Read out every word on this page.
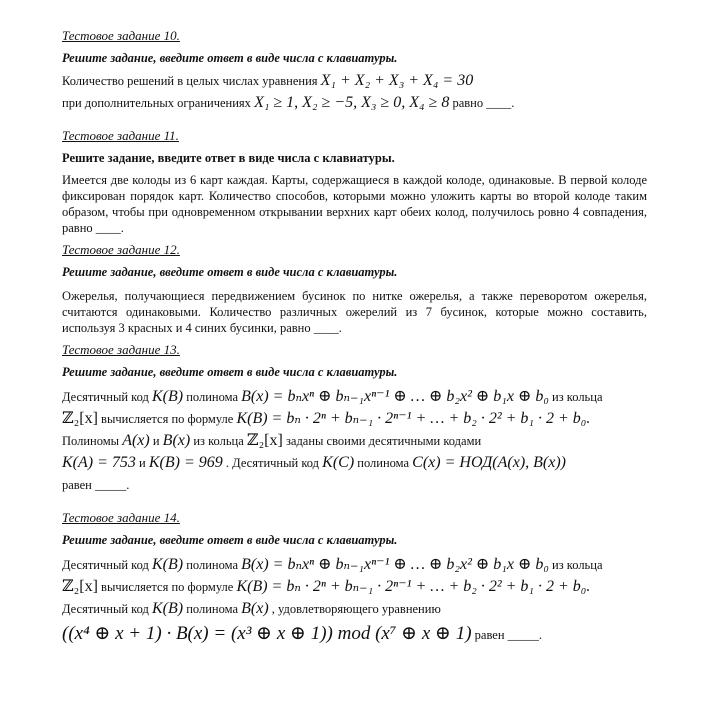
Тестовое задание 10.
Решите задание, введите ответ в виде числа с клавиатуры.
Количество решений в целых числах уравнения X₁ + X₂ + X₃ + X₄ = 30
при дополнительных ограничениях X₁ ≥ 1, X₂ ≥ −5, X₃ ≥ 0, X₄ ≥ 8 равно ____.
Тестовое задание 11.
Решите задание, введите ответ в виде числа с клавиатуры.
Имеется две колоды из 6 карт каждая. Карты, содержащиеся в каждой колоде, одинаковые. В первой колоде фиксирован порядок карт. Количество способов, которыми можно уложить карты во второй колоде таким образом, чтобы при одновременном открывании верхних карт обеих колод, получилось ровно 4 совпадения, равно ____.
Тестовое задание 12.
Решите задание, введите ответ в виде числа с клавиатуры.
Ожерелья, получающиеся передвижением бусинок по нитке ожерелья, а также переворотом ожерелья, считаются одинаковыми. Количество различных ожерелий из 7 бусинок, которые можно составить, используя 3 красных и 4 синих бусинки, равно ____.
Тестовое задание 13.
Решите задание, введите ответ в виде числа с клавиатуры.
Десятичный код K(B) полинома B(x) = bₙxⁿ ⊕ bₙ₋₁xⁿ⁻¹ ⊕ … ⊕ b₂x² ⊕ b₁x ⊕ b₀ из кольца
ℤ₂[x] вычисляется по формуле K(B) = bₙ · 2ⁿ + bₙ₋₁ · 2ⁿ⁻¹ + … + b₂ · 2² + b₁ · 2 + b₀.
Полиномы A(x) и B(x) из кольца ℤ₂[x] заданы своими десятичными кодами
K(A) = 753 и K(B) = 969 . Десятичный код K(C) полинома C(x) = НОД(A(x), B(x))
равен _____.
Тестовое задание 14.
Решите задание, введите ответ в виде числа с клавиатуры.
Десятичный код K(B) полинома B(x) = bₙxⁿ ⊕ bₙ₋₁xⁿ⁻¹ ⊕ … ⊕ b₂x² ⊕ b₁x ⊕ b₀ из кольца
ℤ₂[x] вычисляется по формуле K(B) = bₙ · 2ⁿ + bₙ₋₁ · 2ⁿ⁻¹ + … + b₂ · 2² + b₁ · 2 + b₀.
Десятичный код K(B) полинома B(x) , удовлетворяющего уравнению
((x⁴ ⊕ x + 1) · B(x) = (x³ ⊕ x ⊕ 1)) mod (x⁷ ⊕ x ⊕ 1) равен _____.
